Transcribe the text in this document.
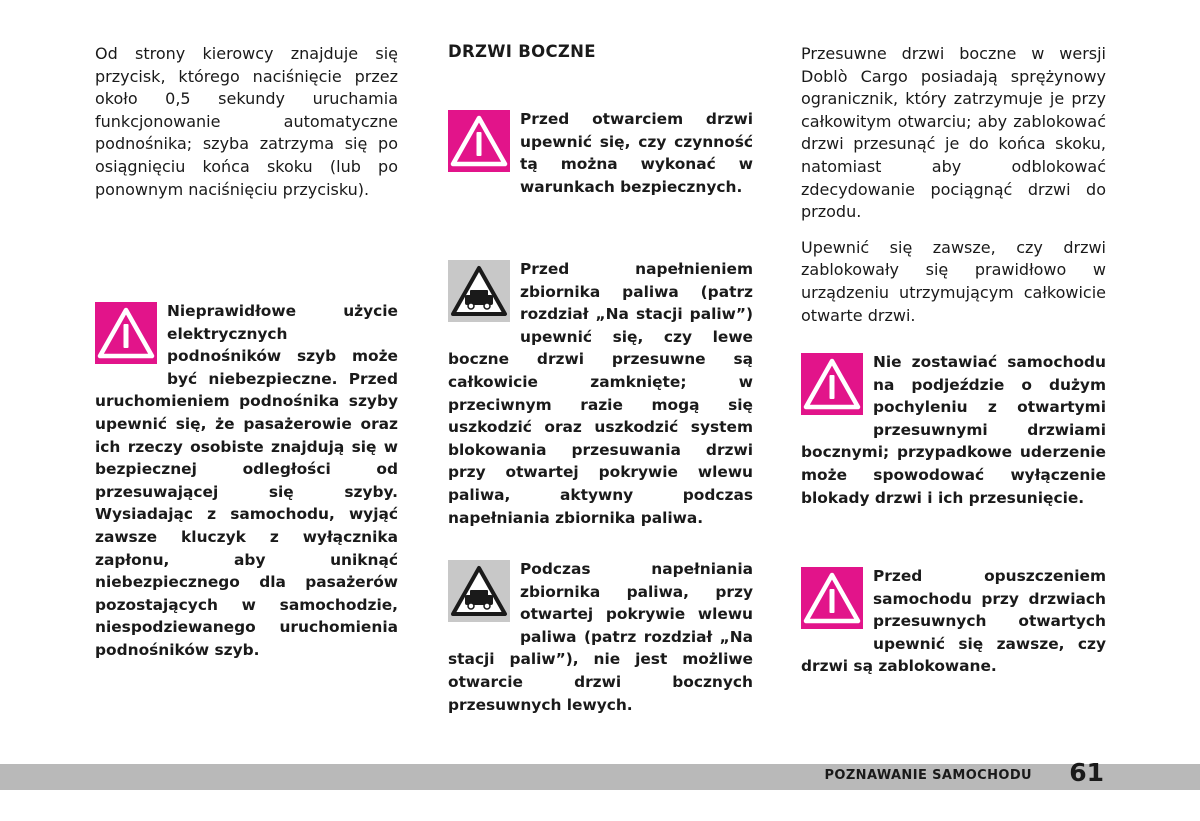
Od strony kierowcy znajduje się przycisk, którego naciśnięcie przez około 0,5 sekundy uruchamia funkcjonowanie automatyczne podnośnika; szyba zatrzyma się po osiągnięciu końca skoku (lub po ponownym naciśnięciu przycisku).

Nieprawidłowe użycie elektrycznych podnośników szyb może być niebezpieczne. Przed uruchomieniem podnośnika szyby upewnić się, że pasażerowie oraz ich rzeczy osobiste znajdują się w bezpiecznej odległości od przesuwającej się szyby. Wysiadając z samochodu, wyjąć zawsze kluczyk z wyłącznika zapłonu, aby uniknąć niebezpiecznego dla pasażerów pozostających w samochodzie, niespodziewanego uruchomienia podnośników szyb.

DRZWI BOCZNE

Przed otwarciem drzwi upewnić się, czy czynność tą można wykonać w warunkach bezpiecznych.

Przed napełnieniem zbiornika paliwa (patrz rozdział „Na stacji paliw”) upewnić się, czy lewe boczne drzwi przesuwne są całkowicie zamknięte; w przeciwnym razie mogą się uszkodzić oraz uszkodzić system blokowania przesuwania drzwi przy otwartej pokrywie wlewu paliwa, aktywny podczas napełniania zbiornika paliwa.

Podczas napełniania zbiornika paliwa, przy otwartej pokrywie wlewu paliwa (patrz rozdział „Na stacji paliw”), nie jest możliwe otwarcie drzwi bocznych przesuwnych lewych.

Przesuwne drzwi boczne w wersji Doblò Cargo posiadają sprężynowy ogranicznik, który zatrzymuje je przy całkowitym otwarciu; aby zablokować drzwi przesunąć je do końca skoku, natomiast aby odblokować zdecydowanie pociągnąć drzwi do przodu.

Upewnić się zawsze, czy drzwi zablokowały się prawidłowo w urządzeniu utrzymującym całkowicie otwarte drzwi.

Nie zostawiać samochodu na podjeździe o dużym pochyleniu z otwartymi przesuwnymi drzwiami bocznymi; przypadkowe uderzenie może spowodować wyłączenie blokady drzwi i ich przesunięcie.

Przed opuszczeniem samochodu przy drzwiach przesuwnych otwartych upewnić się zawsze, czy drzwi są zablokowane.

POZNAWANIE SAMOCHODU 61
